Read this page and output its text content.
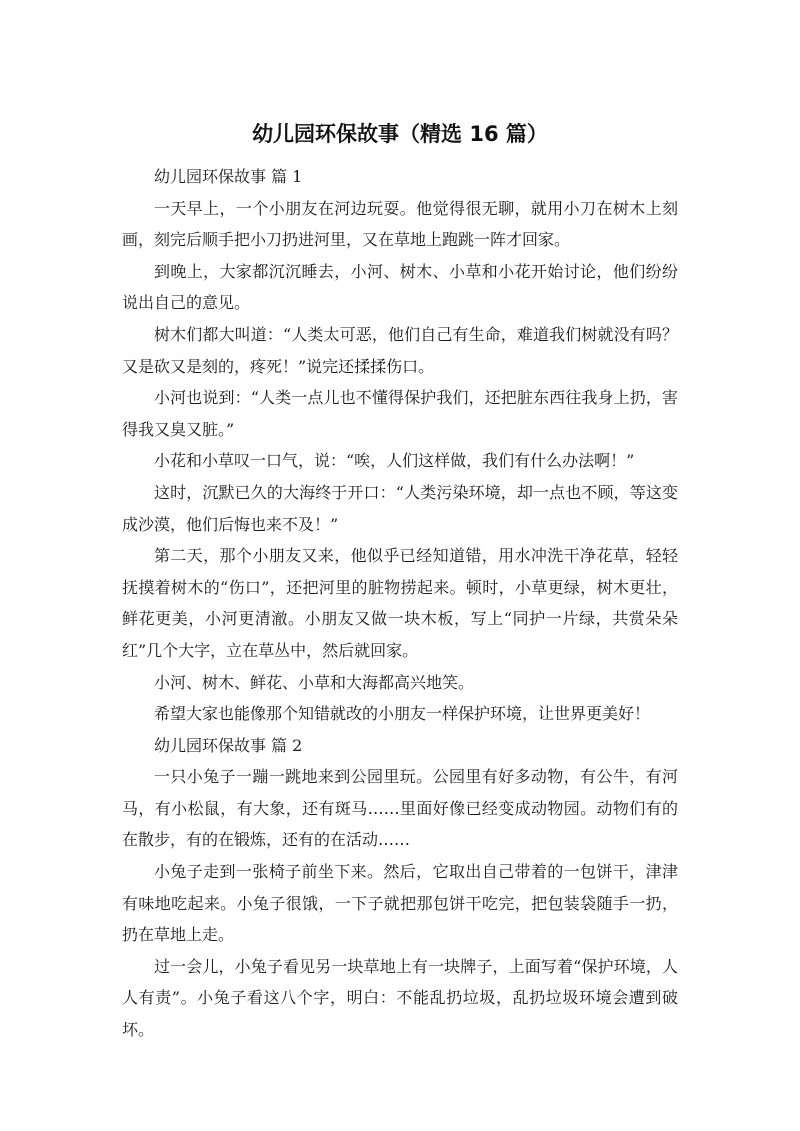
幼儿园环保故事（精选 16 篇）

幼儿园环保故事 篇 1

一天早上，一个小朋友在河边玩耍。他觉得很无聊，就用小刀在树木上刻画，刻完后顺手把小刀扔进河里，又在草地上跑跳一阵才回家。

到晚上，大家都沉沉睡去，小河、树木、小草和小花开始讨论，他们纷纷说出自己的意见。

树木们都大叫道：“人类太可恶，他们自己有生命，难道我们树就没有吗？又是砍又是刻的，疼死！”说完还揉揉伤口。

小河也说到：“人类一点儿也不懂得保护我们，还把脏东西往我身上扔，害得我又臭又脏。”

小花和小草叹一口气，说：“唉，人们这样做，我们有什么办法啊！”

这时，沉默已久的大海终于开口：“人类污染环境，却一点也不顾，等这变成沙漠，他们后悔也来不及！”

第二天，那个小朋友又来，他似乎已经知道错，用水冲洗干净花草，轻轻抚摸着树木的“伤口”，还把河里的脏物捞起来。顿时，小草更绿，树木更壮，鲜花更美，小河更清澈。小朋友又做一块木板，写上“同护一片绿，共赏朵朵红”几个大字，立在草丛中，然后就回家。

小河、树木、鲜花、小草和大海都高兴地笑。

希望大家也能像那个知错就改的小朋友一样保护环境，让世界更美好！

幼儿园环保故事 篇 2

一只小兔子一蹦一跳地来到公园里玩。公园里有好多动物，有公牛，有河马，有小松鼠，有大象，还有斑马……里面好像已经变成动物园。动物们有的在散步，有的在锻炼，还有的在活动……

小兔子走到一张椅子前坐下来。然后，它取出自己带着的一包饼干，津津有味地吃起来。小兔子很饿，一下子就把那包饼干吃完，把包装袋随手一扔，扔在草地上走。

过一会儿，小兔子看见另一块草地上有一块牌子，上面写着“保护环境，人人有责”。小兔子看这八个字，明白：不能乱扔垃圾，乱扔垃圾环境会遭到破坏。
